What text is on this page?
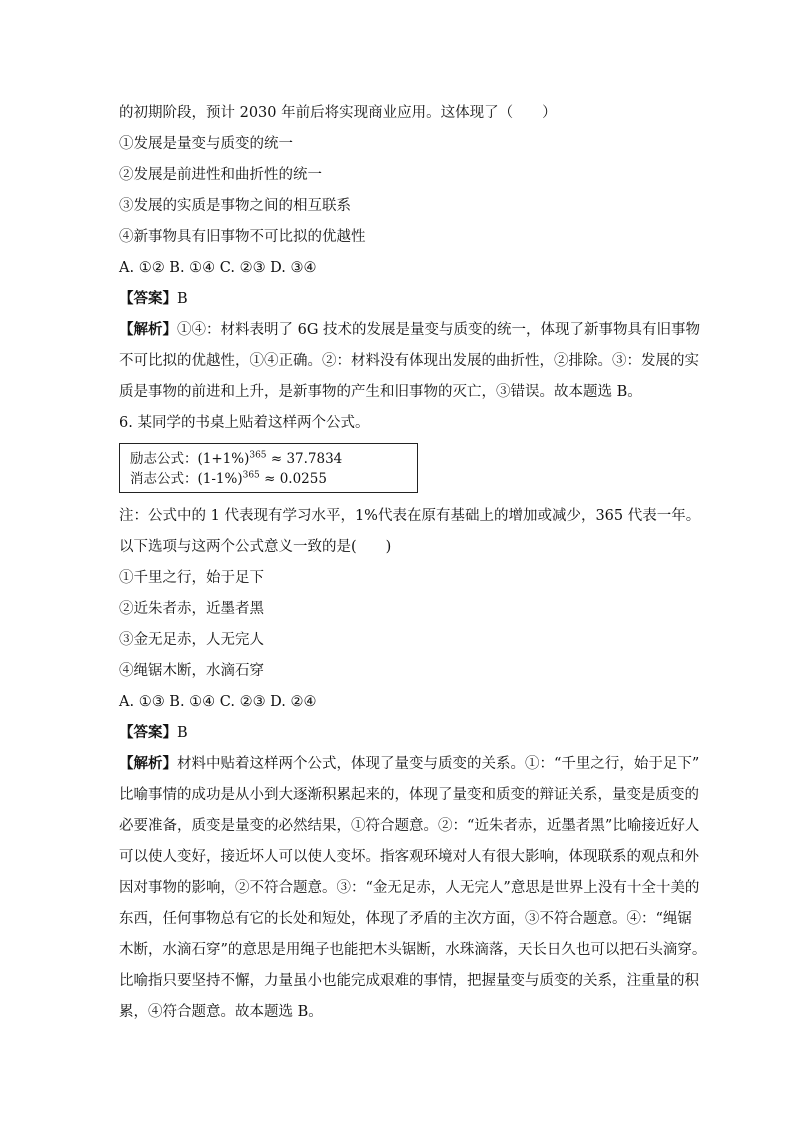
的初期阶段，预计 2030 年前后将实现商业应用。这体现了（　　）
①发展是量变与质变的统一
②发展是前进性和曲折性的统一
③发展的实质是事物之间的相互联系
④新事物具有旧事物不可比拟的优越性
A. ①② B. ①④ C. ②③ D. ③④
【答案】B
【解析】①④：材料表明了 6G 技术的发展是量变与质变的统一，体现了新事物具有旧事物
不可比拟的优越性，①④正确。②：材料没有体现出发展的曲折性，②排除。③：发展的实
质是事物的前进和上升，是新事物的产生和旧事物的灭亡，③错误。故本题选 B。
6. 某同学的书桌上贴着这样两个公式。
励志公式：$(1+1\%)^{365} \approx 37.7834$
消志公式：$(1-1\%)^{365} \approx 0.0255$
注：公式中的 1 代表现有学习水平，1%代表在原有基础上的增加或减少，365 代表一年。
以下选项与这两个公式意义一致的是(　　)
①千里之行，始于足下
②近朱者赤，近墨者黑
③金无足赤，人无完人
④绳锯木断，水滴石穿
A. ①③ B. ①④ C. ②③ D. ②④
【答案】B
【解析】材料中贴着这样两个公式，体现了量变与质变的关系。①：“千里之行，始于足下”
比喻事情的成功是从小到大逐渐积累起来的，体现了量变和质变的辩证关系，量变是质变的
必要准备，质变是量变的必然结果，①符合题意。②：“近朱者赤，近墨者黑”比喻接近好人
可以使人变好，接近坏人可以使人变坏。指客观环境对人有很大影响，体现联系的观点和外
因对事物的影响，②不符合题意。③：“金无足赤，人无完人”意思是世界上没有十全十美的
东西，任何事物总有它的长处和短处，体现了矛盾的主次方面，③不符合题意。④：“绳锯
木断，水滴石穿”的意思是用绳子也能把木头锯断，水珠滴落，天长日久也可以把石头滴穿。
比喻指只要坚持不懈，力量虽小也能完成艰难的事情，把握量变与质变的关系，注重量的积
累，④符合题意。故本题选 B。
